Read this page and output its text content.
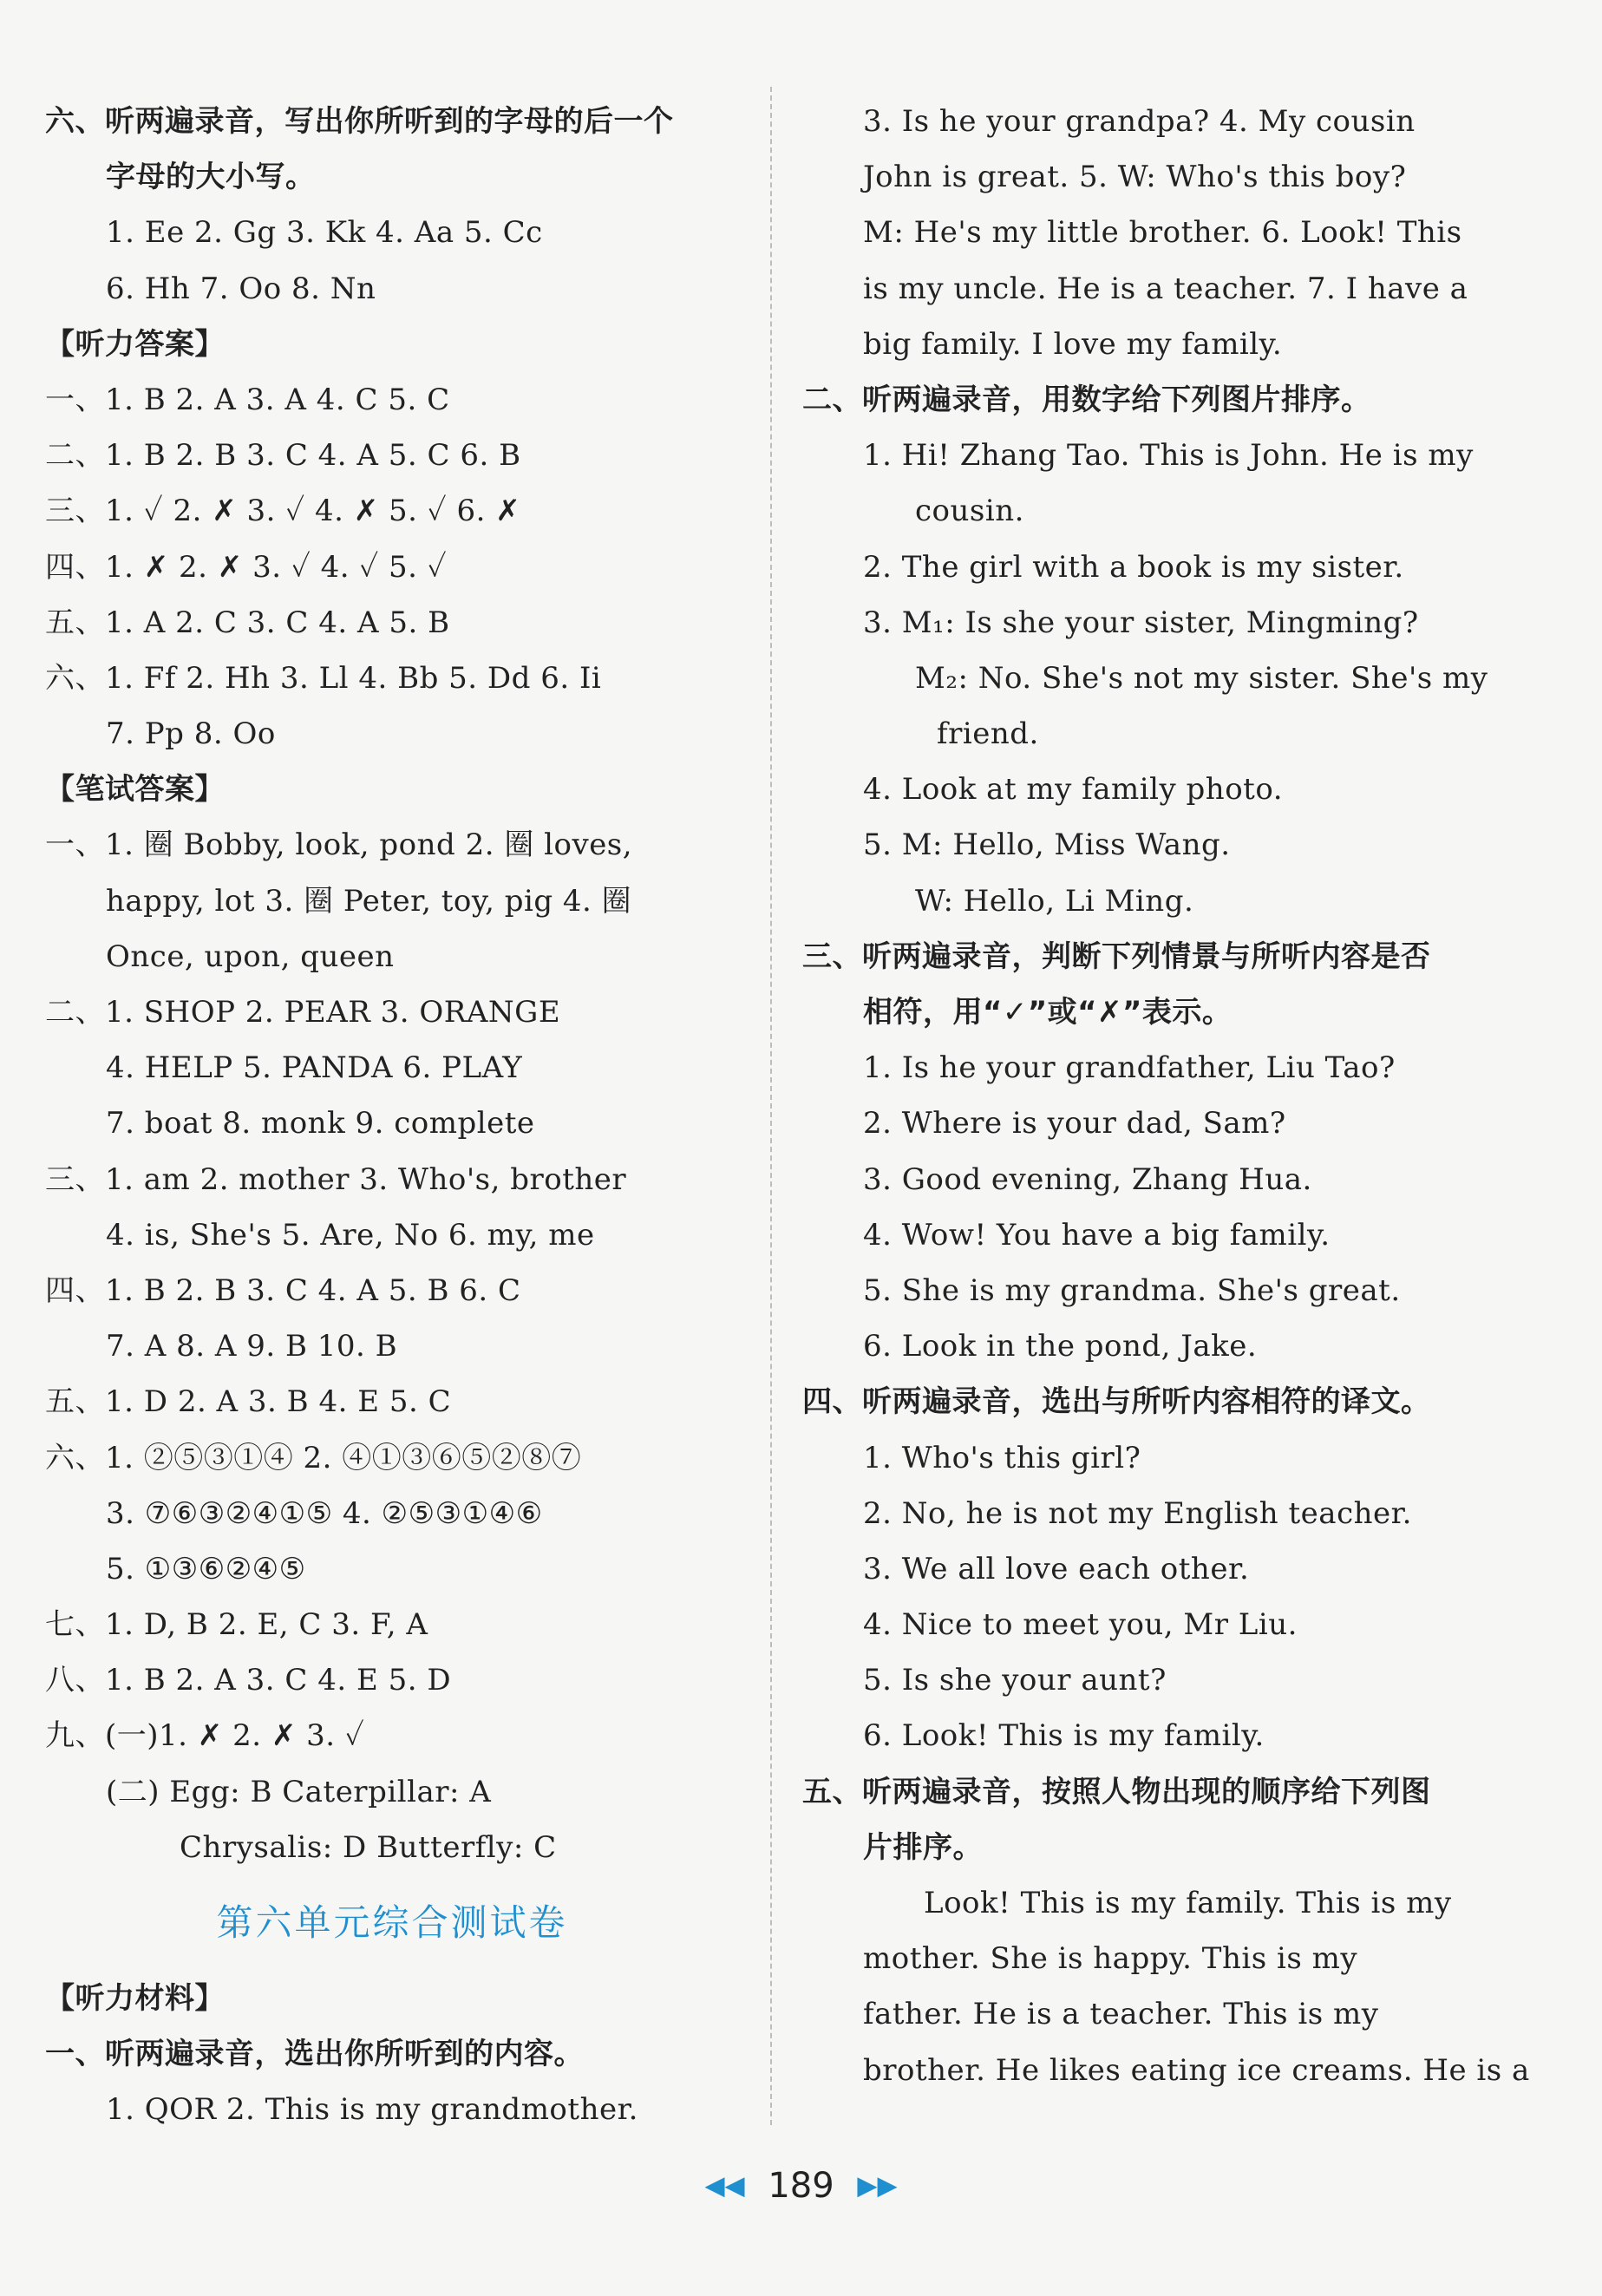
六、听两遍录音，写出你所听到的字母的后一个
字母的大小写。
1. Ee 2. Gg 3. Kk 4. Aa 5. Cc
6. Hh 7. Oo 8. Nn
【听力答案】
一、1. B 2. A 3. A 4. C 5. C
二、1. B 2. B 3. C 4. A 5. C 6. B
三、1. ✓ 2. ✗ 3. ✓ 4. ✗ 5. ✓ 6. ✗
四、1. ✗ 2. ✗ 3. ✓ 4. ✓ 5. ✓
五、1. A 2. C 3. C 4. A 5. B
六、1. Ff 2. Hh 3. Ll 4. Bb 5. Dd 6. Ii
7. Pp 8. Oo
【笔试答案】
一、1. 圈 Bobby, look, pond 2. 圈 loves,
happy, lot 3. 圈 Peter, toy, pig 4. 圈
Once, upon, queen
二、1. SHOP 2. PEAR 3. ORANGE
4. HELP 5. PANDA 6. PLAY
7. boat 8. monk 9. complete
三、1. am 2. mother 3. Who's, brother
4. is, She's 5. Are, No 6. my, me
四、1. B 2. B 3. C 4. A 5. B 6. C
7. A 8. A 9. B 10. B
五、1. D 2. A 3. B 4. E 5. C
六、1. ②⑤③①④ 2. ④①③⑥⑤②⑧⑦
3. ⑦⑥③②④①⑤ 4. ②⑤③①④⑥
5. ①③⑥②④⑤
七、1. D, B 2. E, C 3. F, A
八、1. B 2. A 3. C 4. E 5. D
九、(一)1. ✗ 2. ✗ 3. ✓
(二) Egg: B Caterpillar: A
Chrysalis: D Butterfly: C
第六单元综合测试卷
【听力材料】
一、听两遍录音，选出你所听到的内容。
1. QOR 2. This is my grandmother.
3. Is he your grandpa? 4. My cousin
John is great. 5. W: Who's this boy?
M: He's my little brother. 6. Look! This
is my uncle. He is a teacher. 7. I have a
big family. I love my family.
二、听两遍录音，用数字给下列图片排序。
1. Hi! Zhang Tao. This is John. He is my
cousin.
2. The girl with a book is my sister.
3. M₁: Is she your sister, Mingming?
M₂: No. She's not my sister. She's my
friend.
4. Look at my family photo.
5. M: Hello, Miss Wang.
W: Hello, Li Ming.
三、听两遍录音，判断下列情景与所听内容是否
相符，用“✓”或“✗”表示。
1. Is he your grandfather, Liu Tao?
2. Where is your dad, Sam?
3. Good evening, Zhang Hua.
4. Wow! You have a big family.
5. She is my grandma. She's great.
6. Look in the pond, Jake.
四、听两遍录音，选出与所听内容相符的译文。
1. Who's this girl?
2. No, he is not my English teacher.
3. We all love each other.
4. Nice to meet you, Mr Liu.
5. Is she your aunt?
6. Look! This is my family.
五、听两遍录音，按照人物出现的顺序给下列图
片排序。
Look! This is my family. This is my
mother. She is happy. This is my
father. He is a teacher. This is my
brother. He likes eating ice creams. He is a
◀◀ 189 ▶▶
